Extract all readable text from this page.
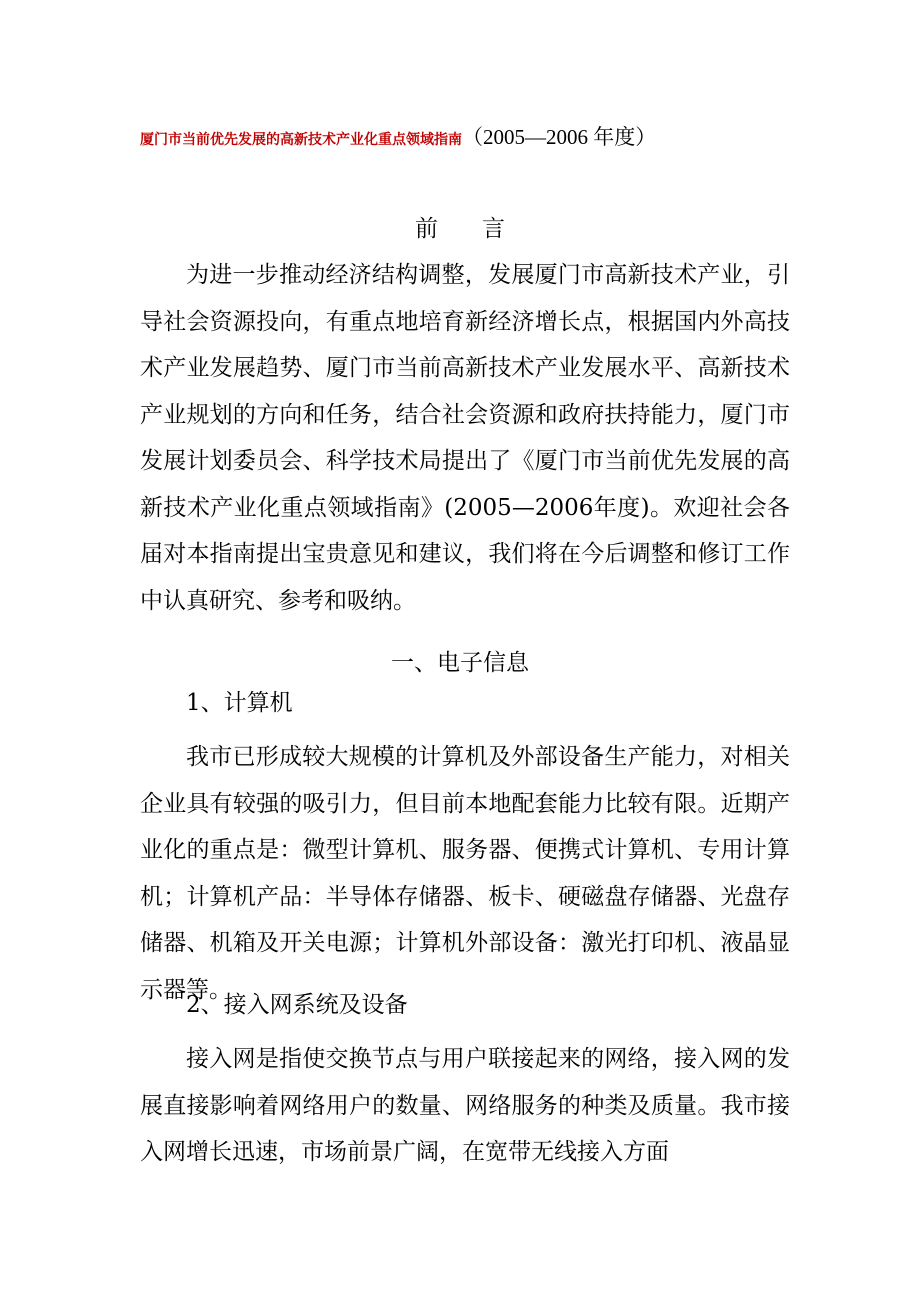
厦门市当前优先发展的高新技术产业化重点领域指南（2005—2006 年度）
前 言
为进一步推动经济结构调整，发展厦门市高新技术产业，引导社会资源投向，有重点地培育新经济增长点，根据国内外高技术产业发展趋势、厦门市当前高新技术产业发展水平、高新技术产业规划的方向和任务，结合社会资源和政府扶持能力，厦门市发展计划委员会、科学技术局提出了《厦门市当前优先发展的高新技术产业化重点领域指南》(2005—2006年度)。欢迎社会各届对本指南提出宝贵意见和建议，我们将在今后调整和修订工作中认真研究、参考和吸纳。
一、电子信息
1、计算机
我市已形成较大规模的计算机及外部设备生产能力，对相关企业具有较强的吸引力，但目前本地配套能力比较有限。近期产业化的重点是：微型计算机、服务器、便携式计算机、专用计算机；计算机产品：半导体存储器、板卡、硬磁盘存储器、光盘存储器、机箱及开关电源；计算机外部设备：激光打印机、液晶显示器等。
2、接入网系统及设备
接入网是指使交换节点与用户联接起来的网络，接入网的发展直接影响着网络用户的数量、网络服务的种类及质量。我市接入网增长迅速，市场前景广阔，在宽带无线接入方面
